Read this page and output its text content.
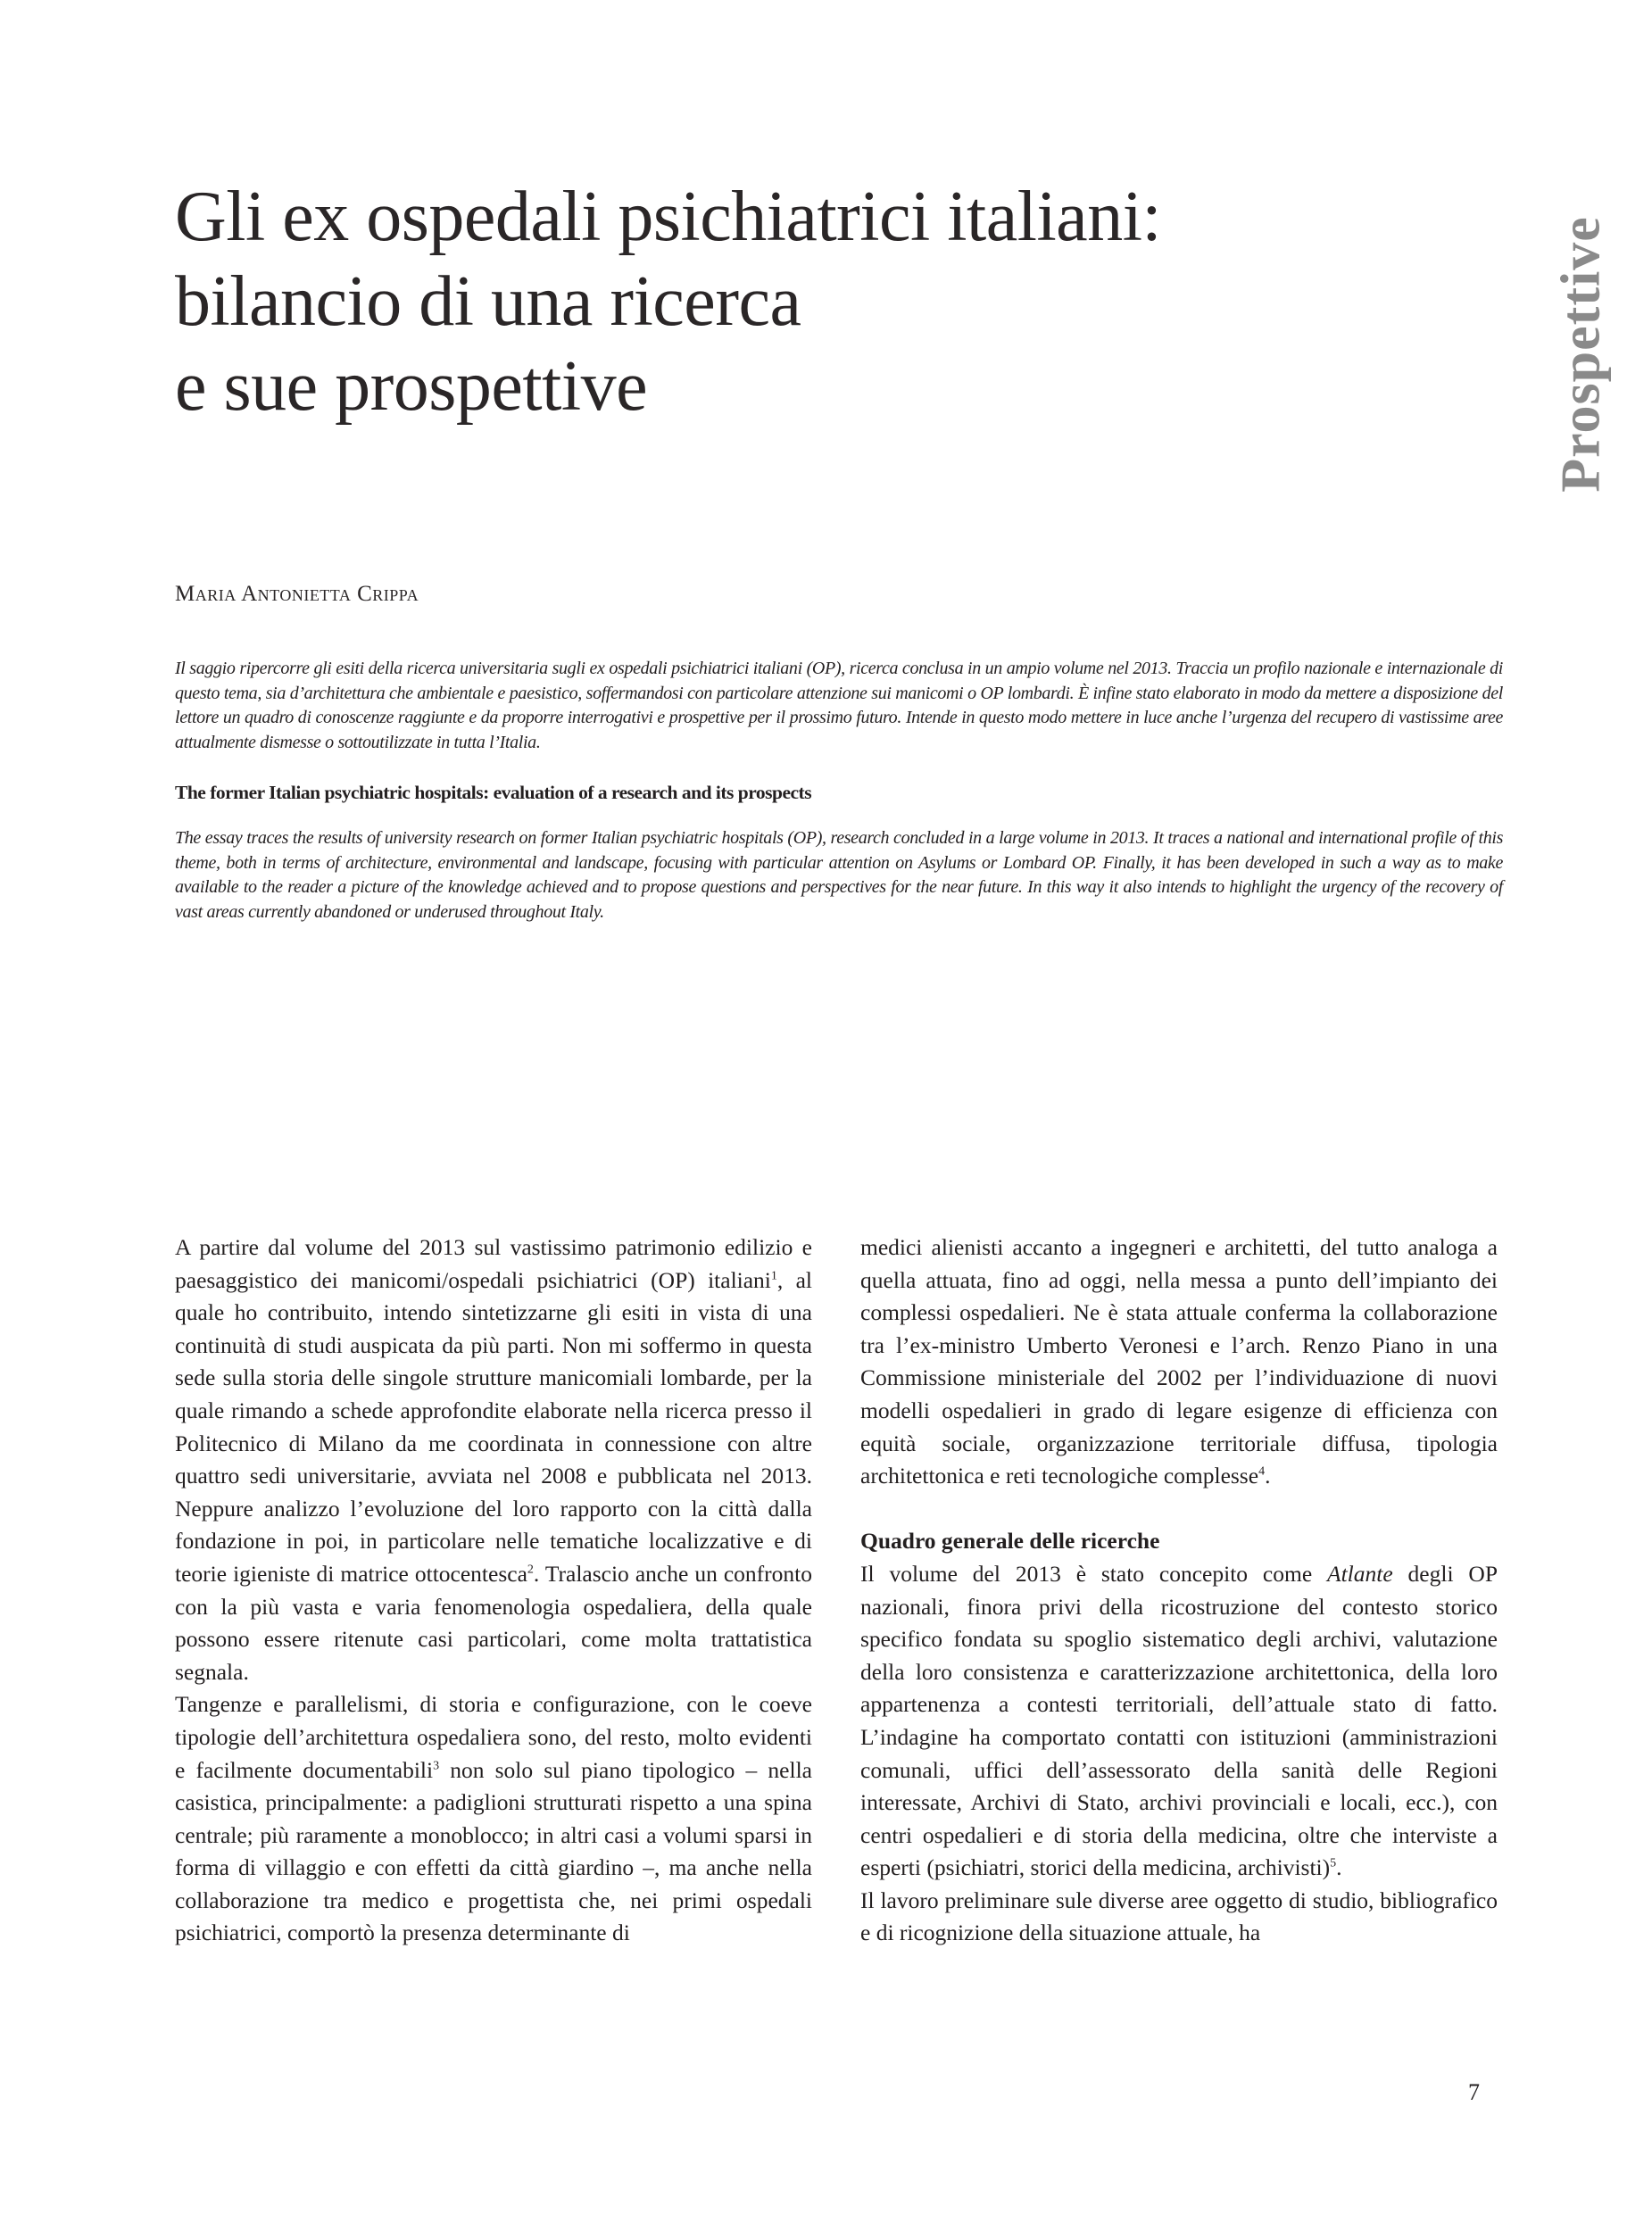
Gli ex ospedali psichiatrici italiani:
bilancio di una ricerca
e sue prospettive	Prospettive
Maria Antonietta Crippa

Il saggio ripercorre gli esiti della ricerca universitaria sugli ex ospedali psichiatrici italiani (OP), ricerca conclusa in un ampio volume nel 2013. Traccia un profilo nazionale e internazionale di questo tema, sia d’architettura che ambientale e paesistico, soffermandosi con particolare attenzione sui manicomi o OP lombardi. È infine stato elaborato in modo da mettere a disposizione del lettore un quadro di conoscenze raggiunte e da proporre interrogativi e prospettive per il prossimo futuro. Intende in questo modo mettere in luce anche l’urgenza del recupero di vastissime aree attualmente dismesse o sottoutilizzate in tutta l’Italia.

The former Italian psychiatric hospitals: evaluation of a research and its prospects

The essay traces the results of university research on former Italian psychiatric hospitals (OP), research concluded in a large volume in 2013. It traces a national and international profile of this theme, both in terms of architecture, environmental and landscape, focusing with particular attention on Asylums or Lombard OP. Finally, it has been developed in such a way as to make available to the reader a picture of the knowledge achieved and to propose questions and perspectives for the near future. In this way it also intends to highlight the urgency of the recovery of vast areas currently abandoned or underused throughout Italy.

A partire dal volume del 2013 sul vastissimo patrimonio edilizio e paesaggistico dei manicomi/ospedali psichiatrici (OP) italiani$^1$, al quale ho contribuito, intendo sintetizzarne gli esiti in vista di una continuità di studi auspicata da più parti. Non mi soffermo in questa sede sulla storia delle singole strutture manicomiali lombarde, per la quale rimando a schede approfondite elaborate nella ricerca presso il Politecnico di Milano da me coordinata in connessione con altre quattro sedi universitarie, avviata nel 2008 e pubblicata nel 2013. Neppure analizzo l’evoluzione del loro rapporto con la città dalla fondazione in poi, in particolare nelle tematiche localizzative e di teorie igieniste di matrice ottocentesca$^2$. Tralascio anche un confronto con la più vasta e varia fenomenologia ospedaliera, della quale possono essere ritenute casi particolari, come molta trattatistica segnala.

Tangenze e parallelismi, di storia e configurazione, con le coeve tipologie dell’architettura ospedaliera sono, del resto, molto evidenti e facilmente documentabili$^3$ non solo sul piano tipologico – nella casistica, principalmente: a padiglioni strutturati rispetto a una spina centrale; più raramente a monoblocco; in altri casi a volumi sparsi in forma di villaggio e con effetti da città giardino –, ma anche nella collaborazione tra medico e progettista che, nei primi ospedali psichiatrici, comportò la presenza determinante di

medici alienisti accanto a ingegneri e architetti, del tutto analoga a quella attuata, fino ad oggi, nella messa a punto dell’impianto dei complessi ospedalieri. Ne è stata attuale conferma la collaborazione tra l’ex-ministro Umberto Veronesi e l’arch. Renzo Piano in una Commissione ministeriale del 2002 per l’individuazione di nuovi modelli ospedalieri in grado di legare esigenze di efficienza con equità sociale, organizzazione territoriale diffusa, tipologia architettonica e reti tecnologiche complesse$^4$.

Quadro generale delle ricerche

Il volume del 2013 è stato concepito come Atlante degli OP nazionali, finora privi della ricostruzione del contesto storico specifico fondata su spoglio sistematico degli archivi, valutazione della loro consistenza e caratterizzazione architettonica, della loro appartenenza a contesti territoriali, dell’attuale stato di fatto. L’indagine ha comportato contatti con istituzioni (amministrazioni comunali, uffici dell’assessorato della sanità delle Regioni interessate, Archivi di Stato, archivi provinciali e locali, ecc.), con centri ospedalieri e di storia della medicina, oltre che interviste a esperti (psichiatri, storici della medicina, archivisti)$^5$.

Il lavoro preliminare sule diverse aree oggetto di studio, bibliografico e di ricognizione della situazione attuale, ha

7
